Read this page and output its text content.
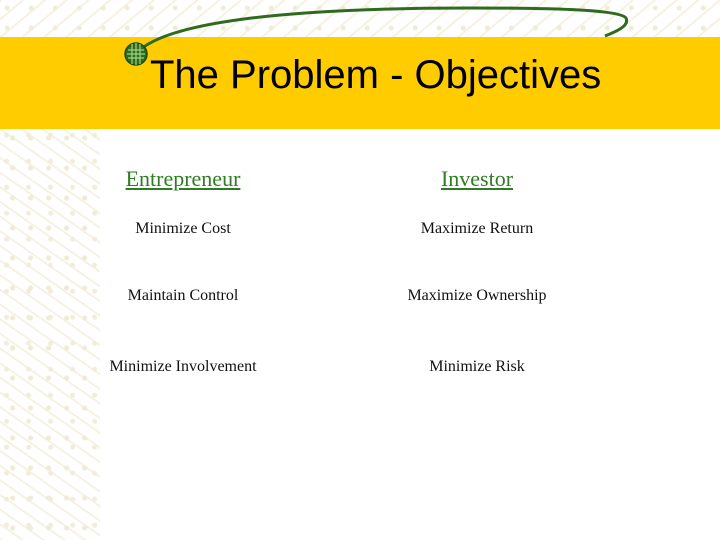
The Problem - Objectives
Entrepreneur	Investor
Minimize Cost
Maintain Control
Minimize Involvement
Maximize Return
Maximize Ownership
Minimize Risk
